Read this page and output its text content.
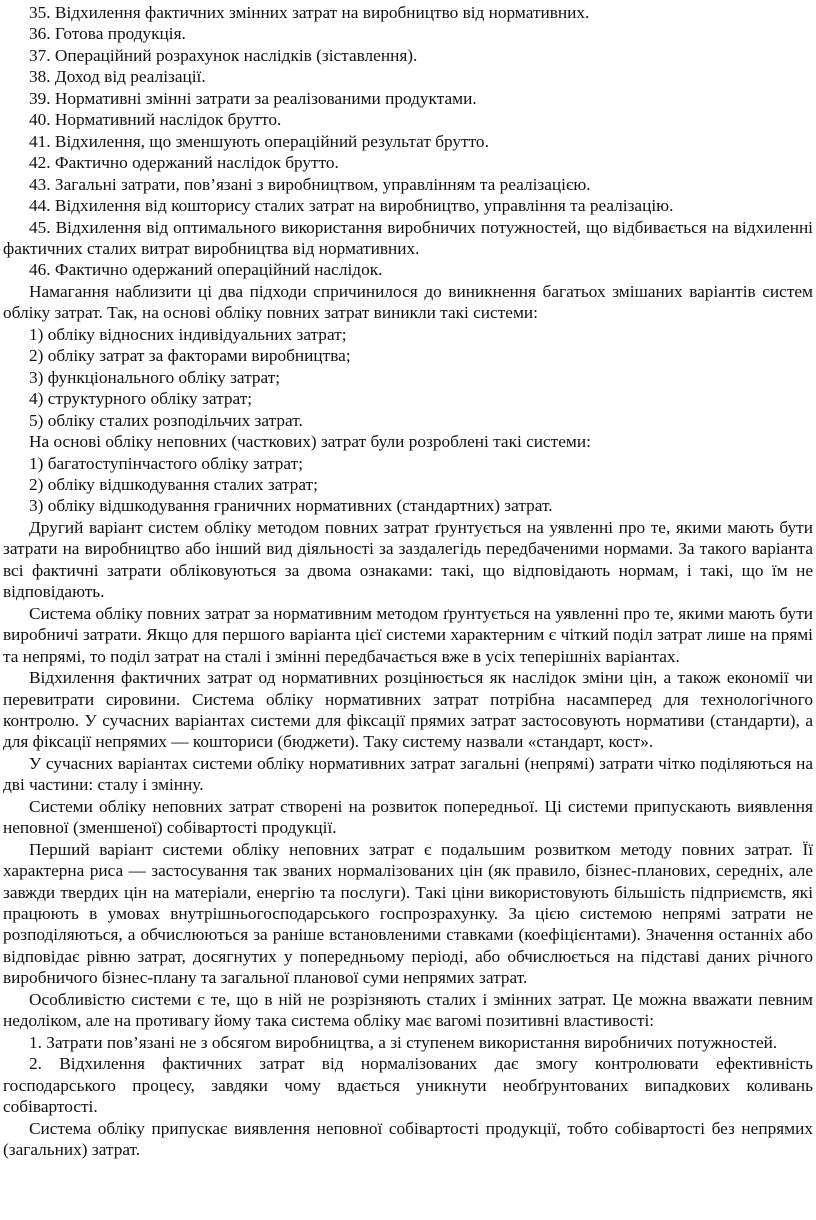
35. Відхилення фактичних змінних затрат на виробництво від нормативних.

36. Готова продукція.

37. Операційний розрахунок наслідків (зіставлення).

38. Доход від реалізації.

39. Нормативні змінні затрати за реалізованими продуктами.

40. Нормативний наслідок брутто.

41. Відхилення, що зменшують операційний результат брутто.

42. Фактично одержаний наслідок брутто.

43. Загальні затрати, пов’язані з виробництвом, управлінням та реалізацією.

44. Відхилення від кошторису сталих затрат на виробництво, управління та реалізацію.

45. Відхилення від оптимального використання виробничих потужностей, що відбивається на відхиленні фактичних сталих витрат виробництва від нормативних.

46. Фактично одержаний операційний наслідок.

Намагання наблизити ці два підходи спричинилося до виникнення багатьох змішаних варіантів систем обліку затрат. Так, на основі обліку повних затрат виникли такі системи:

1) обліку відносних індивідуальних затрат;

2) обліку затрат за факторами виробництва;

3) функціонального обліку затрат;

4) структурного обліку затрат;

5) обліку сталих розподільчих затрат.

На основі обліку неповних (часткових) затрат були розроблені такі системи:

1) багатоступінчастого обліку затрат;

2) обліку відшкодування сталих затрат;

3) обліку відшкодування граничних нормативних (стандартних) затрат.

Другий варіант систем обліку методом повних затрат ґрунтується на уявленні про те, якими мають бути затрати на виробництво або інший вид діяльності за заздалегідь передбаченими нормами. За такого варіанта всі фактичні затрати обліковуються за двома ознаками: такі, що відповідають нормам, і такі, що їм не відповідають.

Система обліку повних затрат за нормативним методом ґрунтується на уявленні про те, якими мають бути виробничі затрати. Якщо для першого варіанта цієї системи характерним є чіткий поділ затрат лише на прямі та непрямі, то поділ затрат на сталі і змінні передбачається вже в усіх теперішніх варіантах.

Відхилення фактичних затрат од нормативних розцінюється як наслідок зміни цін, а також економії чи перевитрати сировини. Система обліку нормативних затрат потрібна насамперед для технологічного контролю. У сучасних варіантах системи для фіксації прямих затрат застосовують нормативи (стандарти), а для фіксації непрямих — кошториси (бюджети). Таку систему назвали «стандарт, кост».

У сучасних варіантах системи обліку нормативних затрат загальні (непрямі) затрати чітко поділяються на дві частини: сталу і змінну.

Системи обліку неповних затрат створені на розвиток попередньої. Ці системи припускають виявлення неповної (зменшеної) собівартості продукції.

Перший варіант системи обліку неповних затрат є подальшим розвитком методу повних затрат. Її характерна риса — застосування так званих нормалізованих цін (як правило, бізнес-планових, середніх, але завжди твердих цін на матеріали, енергію та послуги). Такі ціни використовують більшість підприємств, які працюють в умовах внутрішньогосподарського госпрозрахунку. За цією системою непрямі затрати не розподіляються, а обчислюються за раніше встановленими ставками (коефіцієнтами). Значення останніх або відповідає рівню затрат, досягнутих у попередньому періоді, або обчислюється на підставі даних річного виробничого бізнес-плану та загальної планової суми непрямих затрат.

Особливістю системи є те, що в ній не розрізняють сталих і змінних затрат. Це можна вважати певним недоліком, але на противагу йому така система обліку має вагомі позитивні властивості:

1. Затрати пов’язані не з обсягом виробництва, а зі ступенем використання виробничих потужностей.

2. Відхилення фактичних затрат від нормалізованих дає змогу контролювати ефективність господарського процесу, завдяки чому вдається уникнути необґрунтованих випадкових коливань собівартості.

Система обліку припускає виявлення неповної собівартості продукції, тобто собівартості без непрямих (загальних) затрат.
